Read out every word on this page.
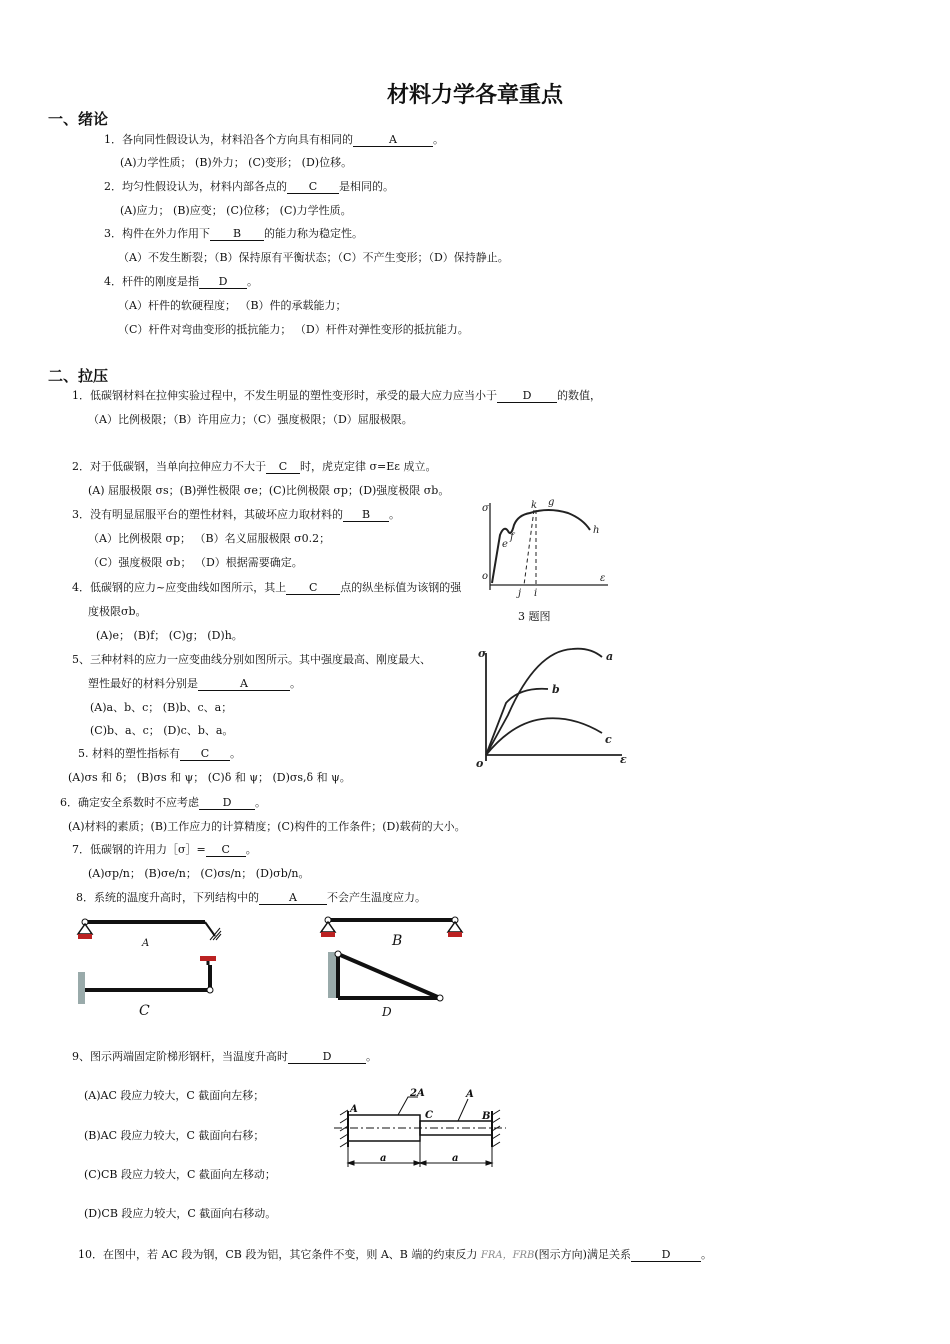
材料力学各章重点
一、绪论
1．各向同性假设认为，材料沿各个方向具有相同的	A	。
(A)力学性质； (B)外力； (C)变形； (D)位移。
2．均匀性假设认为，材料内部各点的 C 是相同的。
(A)应力； (B)应变； (C)位移； (C)力学性质。
3．构件在外力作用下 B 的能力称为稳定性。
（A）不发生断裂；（B）保持原有平衡状态；（C）不产生变形；（D）保持静止。
4．杆件的刚度是指 D 。
（A）杆件的软硬程度； （B）件的承载能力；
（C）杆件对弯曲变形的抵抗能力； （D）杆件对弹性变形的抵抗能力。
二、拉压
1．低碳钢材料在拉伸实验过程中，不发生明显的塑性变形时，承受的最大应力应当小于 D 的数值，
（A）比例极限；（B）许用应力；（C）强度极限；（D）屈服极限。
2．对于低碳钢，当单向拉伸应力不大于 C 时，虎克定律 σ=Eε 成立。
(A) 屈服极限 σs；(B)弹性极限 σe；(C)比例极限 σp；(D)强度极限 σb。
3．没有明显屈服平台的塑性材料，其破坏应力取材料的 B 。
（A）比例极限 σp； （B）名义屈服极限 σ0.2；
（C）强度极限 σb； （D）根据需要确定。
4．低碳钢的应力~应变曲线如图所示，其上 C 点的纵坐标值为该钢的强
度极限σb。
(A)e； (B)f； (C)g； (D)h。
5、三种材料的应力一应变曲线分别如图所示。其中强度最高、刚度最大、
塑性最好的材料分别是	A	。
(A)a、b、c； (B)b、c、a；
(C)b、a、c； (D)c、b、a。
5. 材料的塑性指标有 C 。
(A)σs 和 δ； (B)σs 和 ψ； (C)δ 和 ψ； (D)σs,δ 和 ψ。
6．确定安全系数时不应考虑 D 。
(A)材料的素质；(B)工作应力的计算精度；(C)构件的工作条件；(D)载荷的大小。
7．低碳钢的许用力［σ］= C 。
(A)σp/n； (B)σe/n； (C)σs/n； (D)σb/n。
8．系统的温度升高时，下列结构中的	A	不会产生温度应力。
9、图示两端固定阶梯形钢杆，当温度升高时	D	。
(A)AC 段应力较大，C 截面向左移；
(B)AC 段应力较大，C 截面向右移；
(C)CB 段应力较大，C 截面向左移动；
(D)CB 段应力较大，C 截面向右移动。
10．在图中，若 AC 段为钢，CB 段为铝，其它条件不变，则 A、B 端的约束反力 FRA，FRB(图示方向)满足关系	D	。
σ
ε
o
e
f
k g
h
j i
3 题图
σ
ε
o
a
b
c
A	B
C	D
A
2A
C
A
B
a	a
